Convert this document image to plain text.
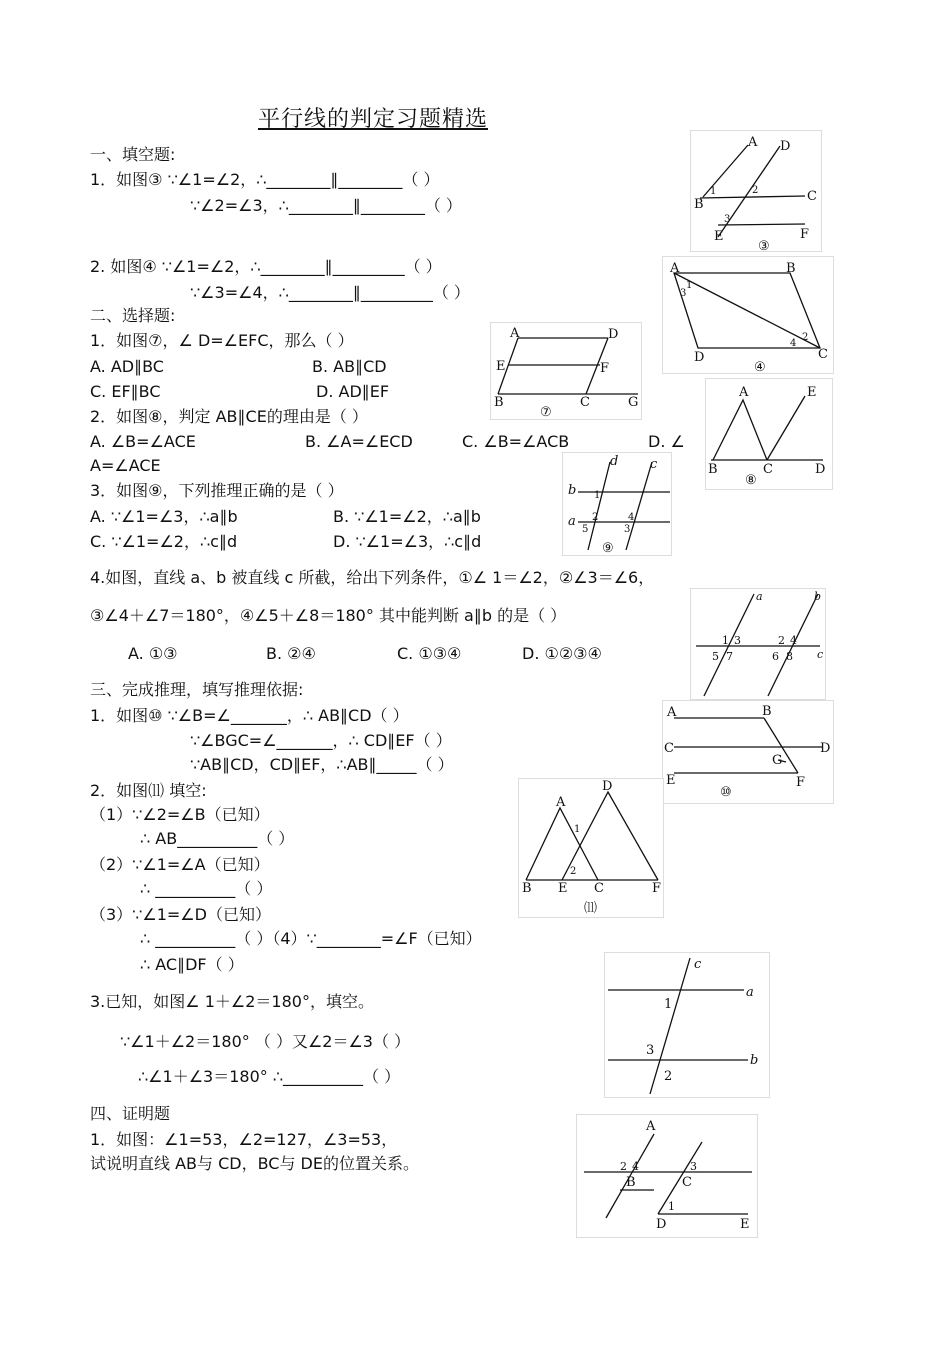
平行线的判定习题精选
一、填空题:
1．如图③ ∵∠1=∠2，∴________∥________（ ）
∵∠2=∠3，∴________∥________（ ）
2. 如图④ ∵∠1=∠2，∴________∥_________（ ）
∵∠3=∠4，∴________∥_________（ ）
二、选择题:
1．如图⑦，∠ D=∠EFC，那么（ ）
A. AD∥BC	B. AB∥CD
C. EF∥BC	D. AD∥EF
2．如图⑧，判定 AB∥CE的理由是（ ）
A. ∠B=∠ACE	B. ∠A=∠ECD	C. ∠B=∠ACB	D. ∠
A=∠ACE
3．如图⑨，下列推理正确的是（ ）
A. ∵∠1=∠3，∴a∥b	B. ∵∠1=∠2，∴a∥b
C. ∵∠1=∠2，∴c∥d	D. ∵∠1=∠3，∴c∥d
4.如图，直线 a、b 被直线 c 所截，给出下列条件，①∠ 1＝∠2，②∠3＝∠6，
③∠4＋∠7＝180°，④∠5＋∠8＝180° 其中能判断 a∥b 的是（ ）
A. ①③	B. ②④	C. ①③④	D. ①②③④
三、完成推理，填写推理依据:
1．如图⑩ ∵∠B=∠_______，∴ AB∥CD（ ）
∵∠BGC=∠_______，∴ CD∥EF（ ）
∵AB∥CD，CD∥EF，∴AB∥_____（ ）
2．如图⑾ 填空:
（1）∵∠2=∠B（已知）
∴ AB__________（ ）
（2）∵∠1=∠A（已知）
∴ __________（ ）
（3）∵∠1=∠D（已知）
∴ __________（ ）（4）∵________=∠F（已知）
∴ AC∥DF（ ）
3.已知，如图∠ 1＋∠2＝180°，填空。
∵∠1＋∠2＝180° （ ）又∠2＝∠3（ ）
∴∠1＋∠3＝180° ∴__________（ ）
四、证明题
1．如图：∠1=53，∠2=127，∠3=53，
试说明直线 AB与 CD，BC与 DE的位置关系。
A D
C
B
1	2
3
E	F
③
A	B
1
3
2
4
D	C
④
A	D
E	F
B	C	G
⑦
A	E
B	C	D
⑧
d c
b 1
a 2	4
5	3
⑨
a	b
1 3	2 4
5 7	6 8 c
A	B
C	D
G
E	F
⑩
A
D
1
2
B E C	F
⑾
c
a
1
3
b
2
A
2 4	3
B	C
1
D	E
